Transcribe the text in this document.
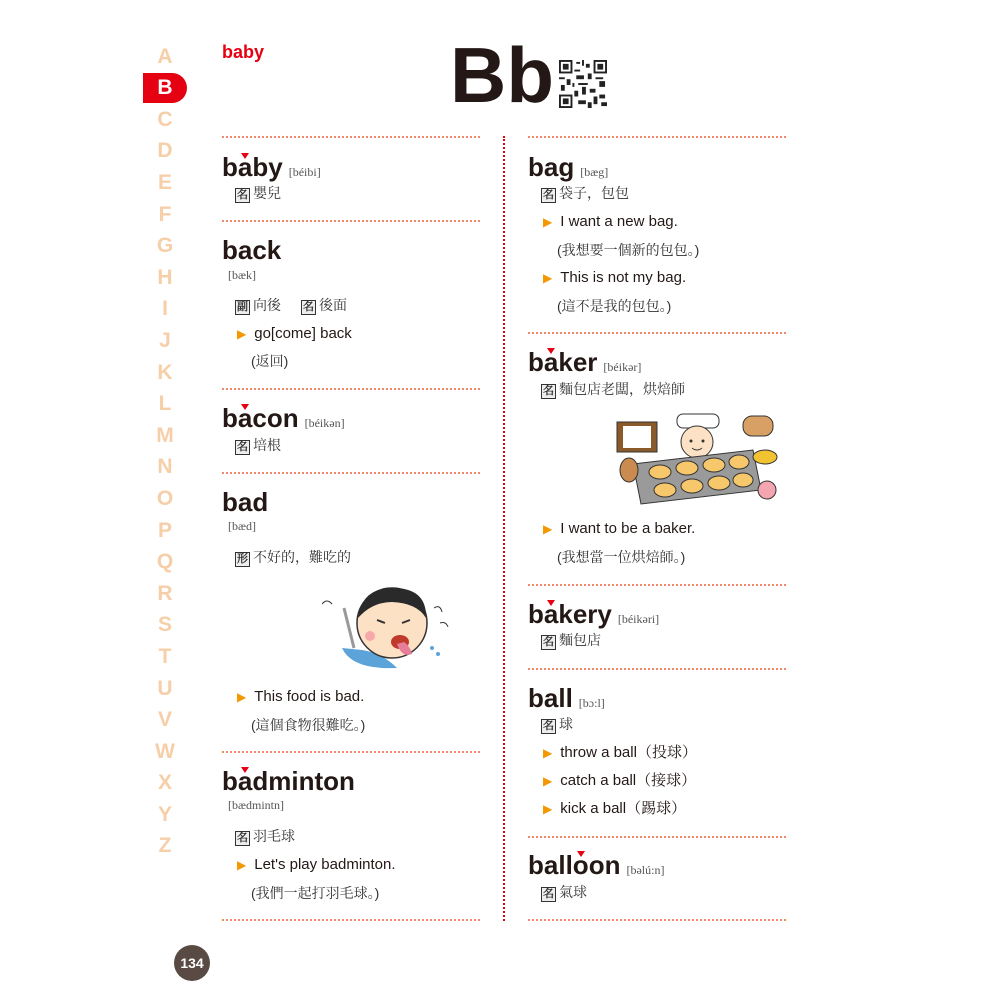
A
B
C
D
E
F
G
H
I
J
K
L
M
N
O
P
Q
R
S
T
U
V
W
X
Y
Z
baby Bb
baby [béibi]
名 嬰兒
back
[bæk]
副 向後 名 後面
▶ go[come] back
(返回)
bacon [béikən]
名 培根
bad
[bæd]
形 不好的，難吃的
▶ This food is bad.
(這個食物很難吃。)
badminton
[bædmintn]
名 羽毛球
▶ Let's play badminton.
(我們一起打羽毛球。)
bag [bæg]
名 袋子，包包
▶ I want a new bag.
(我想要一個新的包包。)
▶ This is not my bag.
(這不是我的包包。)
baker [béikər]
名 麵包店老闆，烘焙師
▶ I want to be a baker.
(我想當一位烘焙師。)
bakery [béikəri]
名 麵包店
ball [bɔ:l]
名 球
▶ throw a ball（投球）
▶ catch a ball（接球）
▶ kick a ball（踢球）
balloon [bəlú:n]
名 氣球
134
